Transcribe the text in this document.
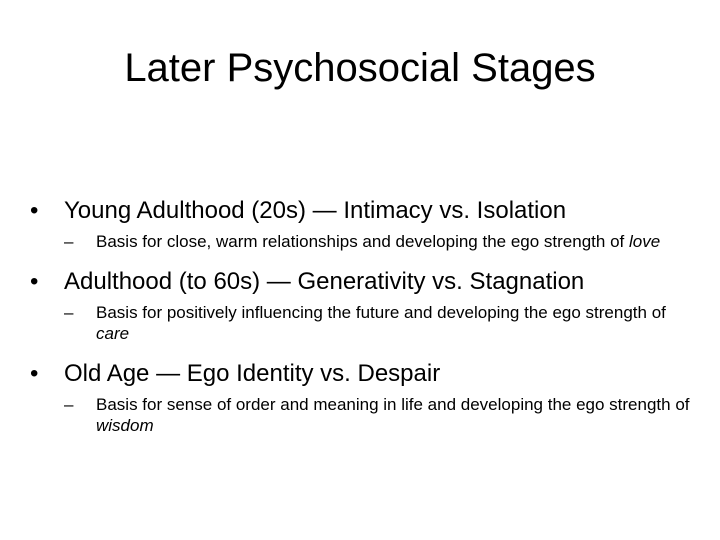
Later Psychosocial Stages
• Young Adulthood (20s) — Intimacy vs. Isolation
– Basis for close, warm relationships and developing the ego strength of love
• Adulthood (to 60s) — Generativity vs. Stagnation
– Basis for positively influencing the future and developing the ego strength of care
• Old Age — Ego Identity vs. Despair
– Basis for sense of order and meaning in life and developing the ego strength of wisdom
